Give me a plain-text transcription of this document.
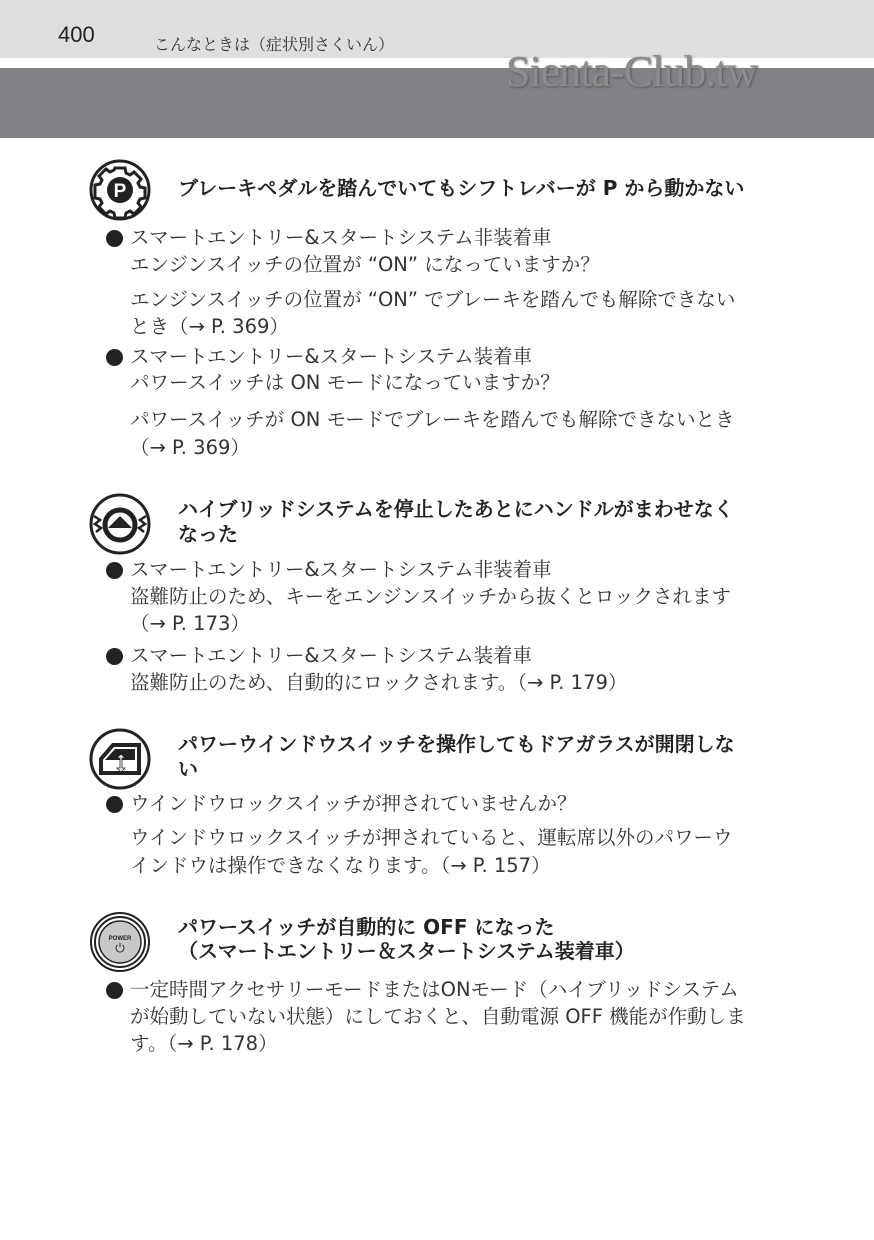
400	こんなときは（症状別さくいん）
Sienta-Club.tw
P	ブレーキペダルを踏んでいてもシフトレバーが P から動かない
スマートエントリー&スタートシステム非装着車
エンジンスイッチの位置が “ON” になっていますか？
エンジンスイッチの位置が “ON” でブレーキを踏んでも解除できない
とき（→ P. 369）
スマートエントリー&スタートシステム装着車
パワースイッチは ON モードになっていますか？
パワースイッチが ON モードでブレーキを踏んでも解除できないとき
（→ P. 369）
ハイブリッドシステムを停止したあとにハンドルがまわせなく
なった
スマートエントリー&スタートシステム非装着車
盗難防止のため、キーをエンジンスイッチから抜くとロックされます
（→ P. 173）
スマートエントリー&スタートシステム装着車
盗難防止のため、自動的にロックされます。（→ P. 179）
パワーウインドウスイッチを操作してもドアガラスが開閉しな
い
ウインドウロックスイッチが押されていませんか？
ウインドウロックスイッチが押されていると、運転席以外のパワーウ
インドウは操作できなくなります。（→ P. 157）
POWER パワースイッチが自動的に OFF になった
（スマートエントリー＆スタートシステム装着車）
一定時間アクセサリーモードまたはONモード（ハイブリッドシステム
が始動していない状態）にしておくと、自動電源 OFF 機能が作動しま
す。（→ P. 178）
